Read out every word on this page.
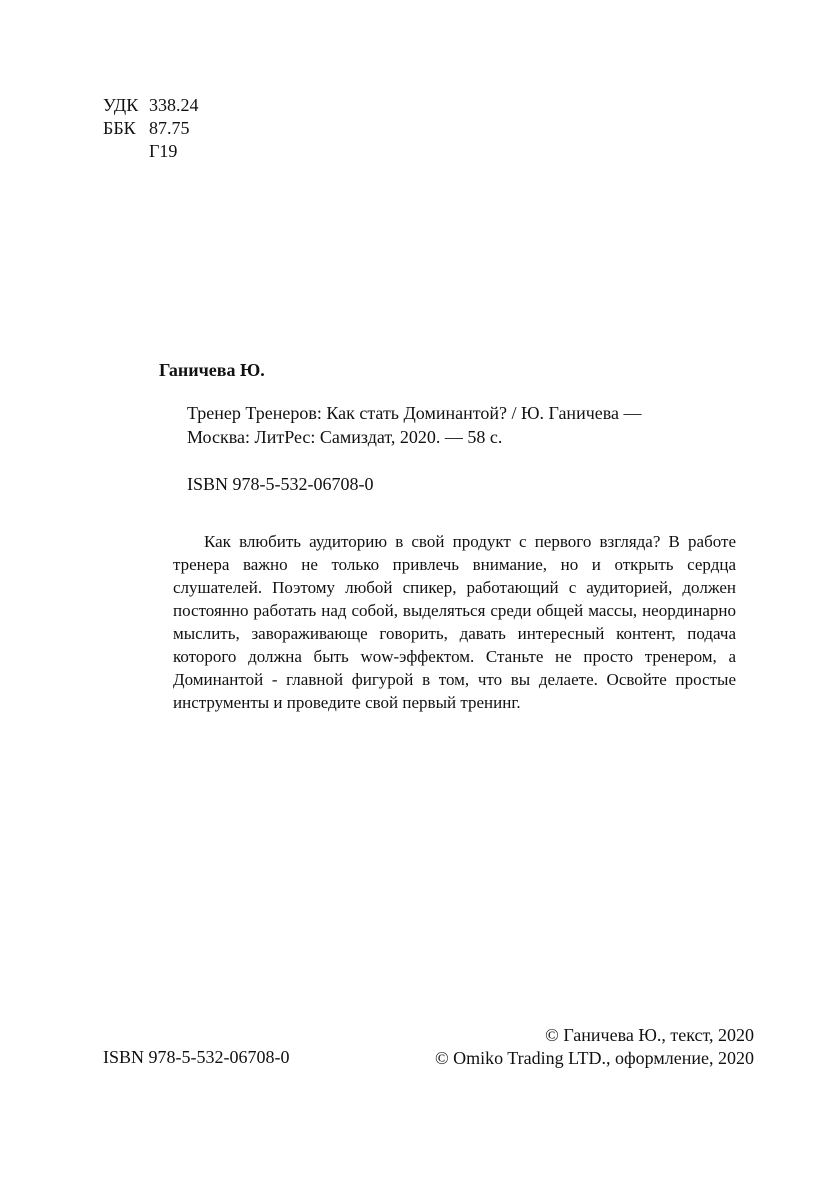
УДК 338.24
ББК 87.75
Г19
Ганичева Ю.
Тренер Тренеров: Как стать Доминантой? / Ю. Ганичева —
Москва: ЛитРес: Самиздат, 2020. — 58 с.
ISBN 978-5-532-06708-0

Как влюбить аудиторию в свой продукт с первого взгляда? В работе тренера важно не только привлечь внимание, но и открыть сердца слушателей. Поэтому любой спикер, работающий с аудиторией, должен постоянно работать над собой, выделяться среди общей массы, неординарно мыслить, завораживающе говорить, давать интересный контент, подача которого должна быть wow-эффектом. Станьте не просто тренером, а Доминантой - главной фигурой в том, что вы делаете. Освойте простые инструменты и проведите свой первый тренинг.

ISBN 978-5-532-06708-0
© Ганичева Ю., текст, 2020
© Omiko Trading LTD., оформление, 2020
